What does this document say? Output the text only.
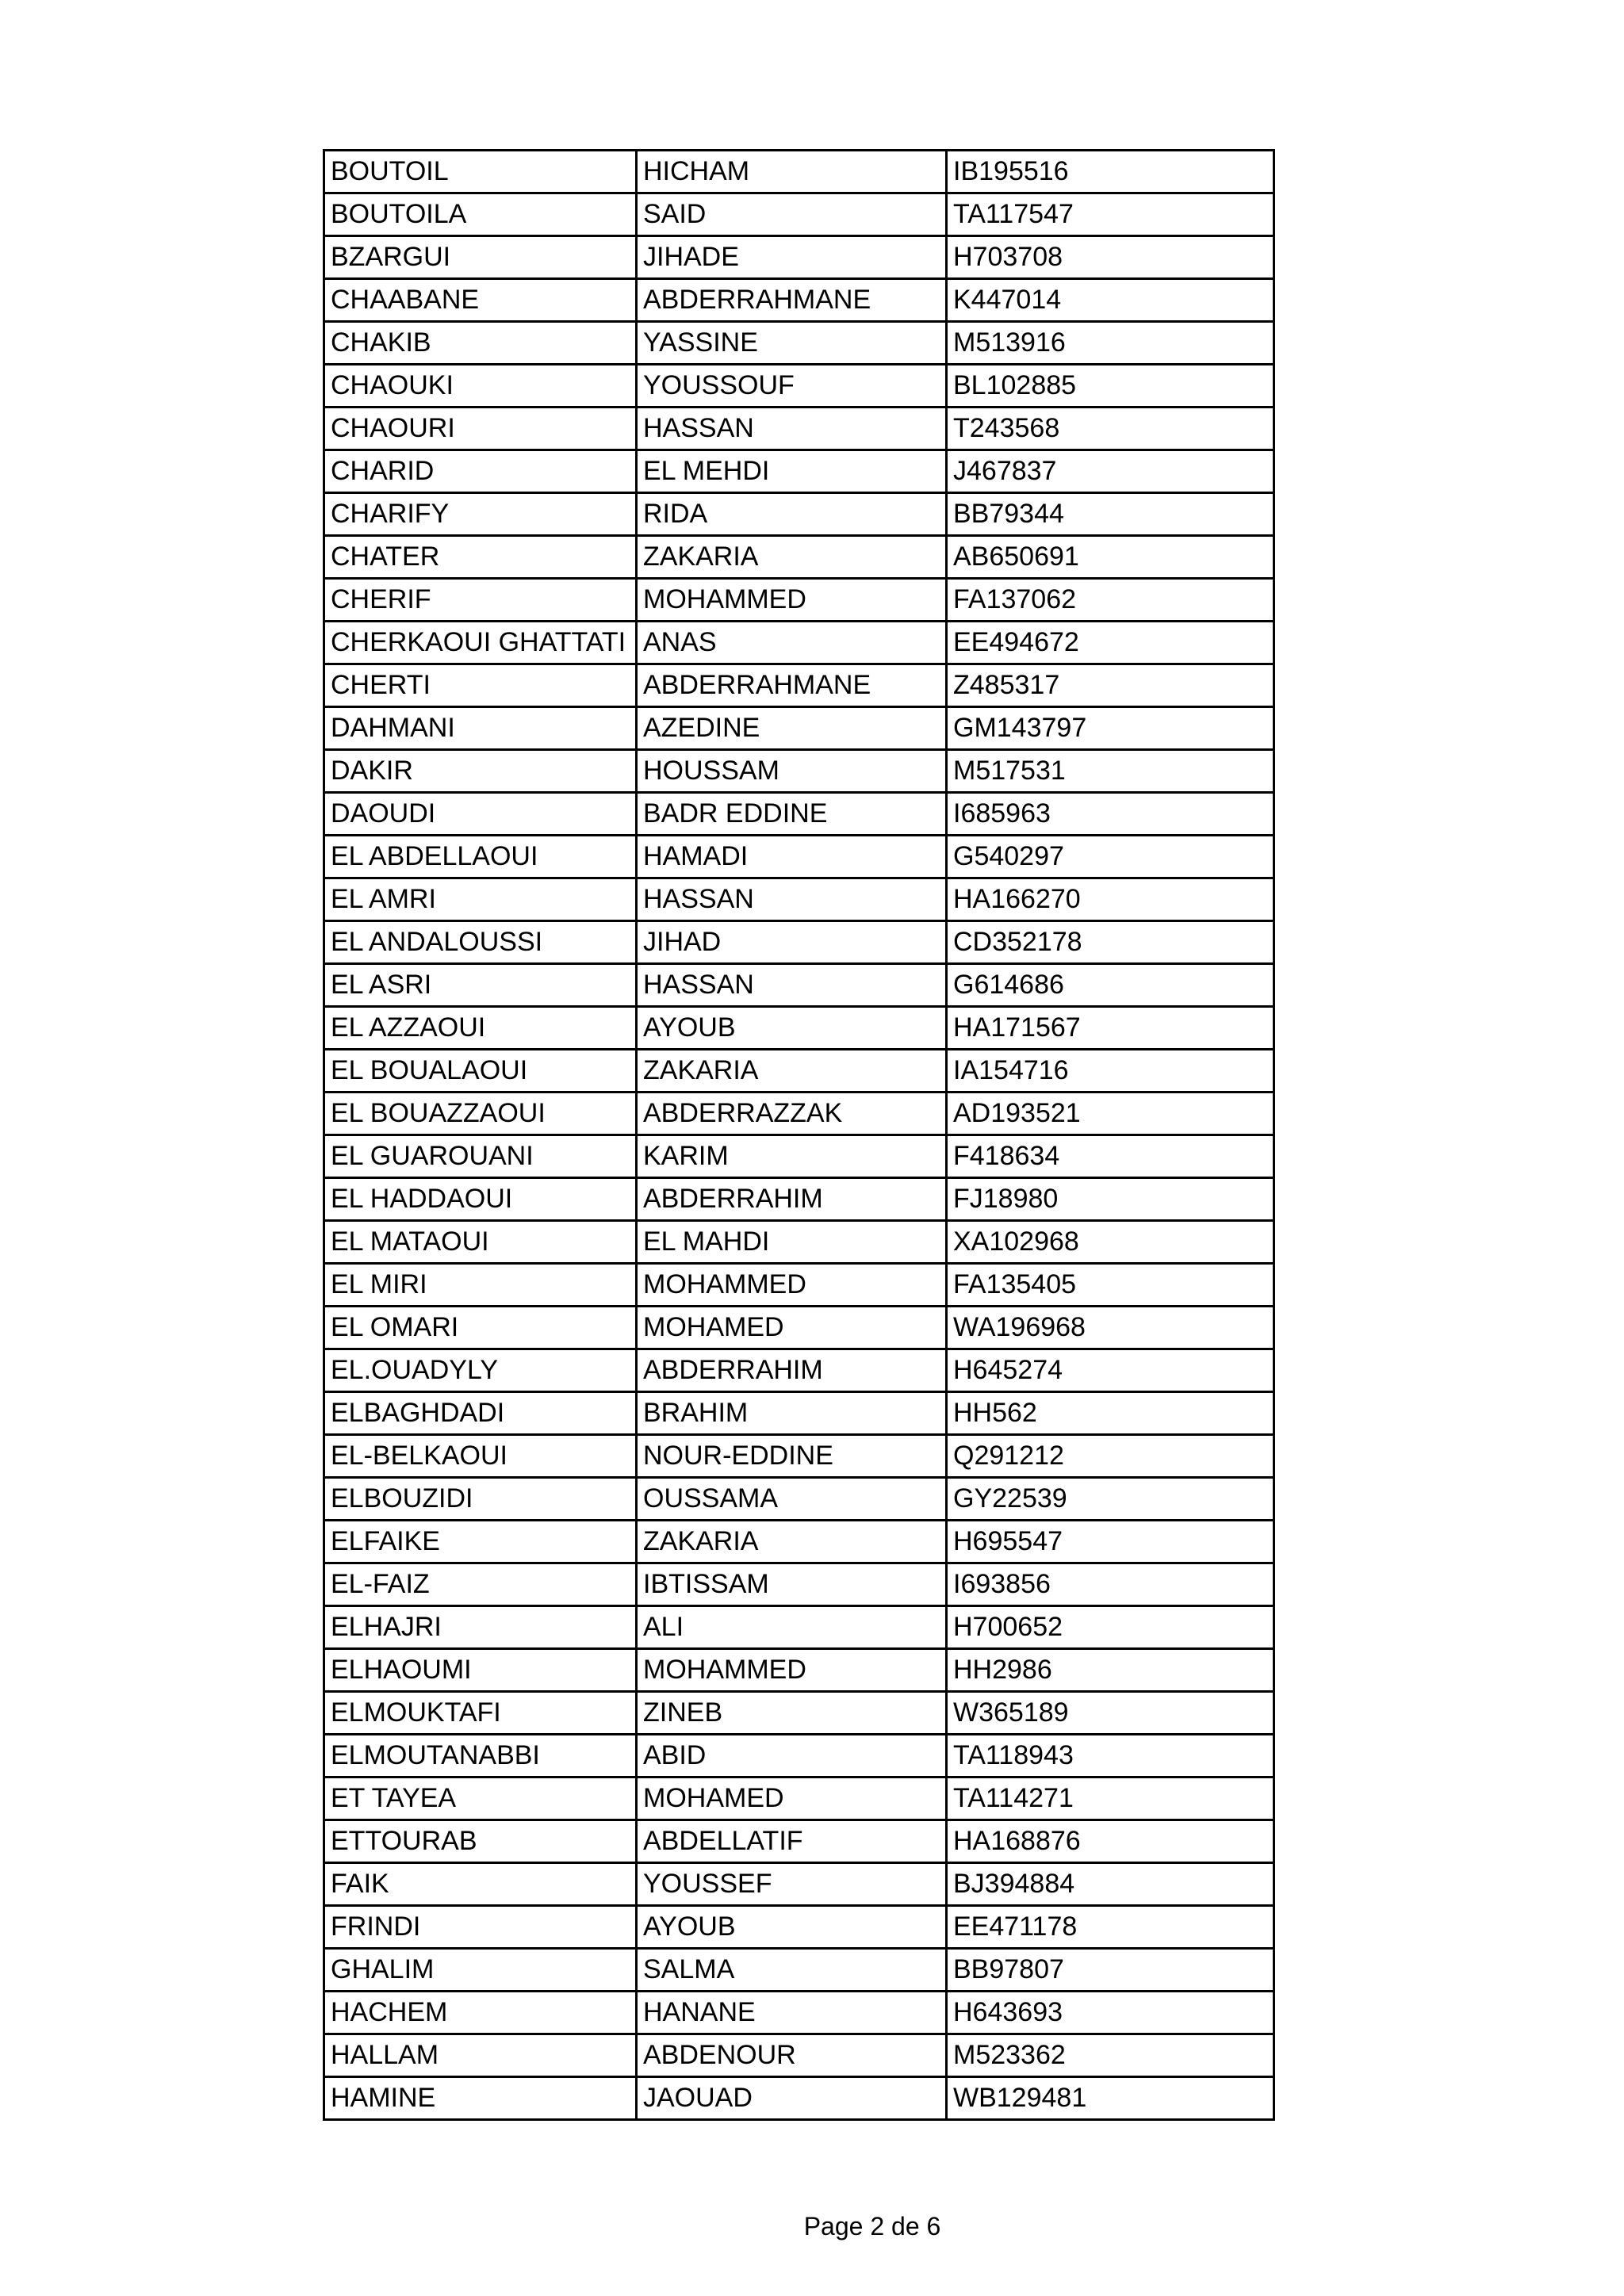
BOUTOIL	HICHAM	IB195516
BOUTOILA	SAID	TA117547
BZARGUI	JIHADE	H703708
CHAABANE	ABDERRAHMANE	K447014
CHAKIB	YASSINE	M513916
CHAOUKI	YOUSSOUF	BL102885
CHAOURI	HASSAN	T243568
CHARID	EL MEHDI	J467837
CHARIFY	RIDA	BB79344
CHATER	ZAKARIA	AB650691
CHERIF	MOHAMMED	FA137062
CHERKAOUI GHATTATI	ANAS	EE494672
CHERTI	ABDERRAHMANE	Z485317
DAHMANI	AZEDINE	GM143797
DAKIR	HOUSSAM	M517531
DAOUDI	BADR EDDINE	I685963
EL ABDELLAOUI	HAMADI	G540297
EL AMRI	HASSAN	HA166270
EL ANDALOUSSI	JIHAD	CD352178
EL ASRI	HASSAN	G614686
EL AZZAOUI	AYOUB	HA171567
EL BOUALAOUI	ZAKARIA	IA154716
EL BOUAZZAOUI	ABDERRAZZAK	AD193521
EL GUAROUANI	KARIM	F418634
EL HADDAOUI	ABDERRAHIM	FJ18980
EL MATAOUI	EL MAHDI	XA102968
EL MIRI	MOHAMMED	FA135405
EL OMARI	MOHAMED	WA196968
EL.OUADYLY	ABDERRAHIM	H645274
ELBAGHDADI	BRAHIM	HH562
EL-BELKAOUI	NOUR-EDDINE	Q291212
ELBOUZIDI	OUSSAMA	GY22539
ELFAIKE	ZAKARIA	H695547
EL-FAIZ	IBTISSAM	I693856
ELHAJRI	ALI	H700652
ELHAOUMI	MOHAMMED	HH2986
ELMOUKTAFI	ZINEB	W365189
ELMOUTANABBI	ABID	TA118943
ET TAYEA	MOHAMED	TA114271
ETTOURAB	ABDELLATIF	HA168876
FAIK	YOUSSEF	BJ394884
FRINDI	AYOUB	EE471178
GHALIM	SALMA	BB97807
HACHEM	HANANE	H643693
HALLAM	ABDENOUR	M523362
HAMINE	JAOUAD	WB129481
Page 2 de 6
